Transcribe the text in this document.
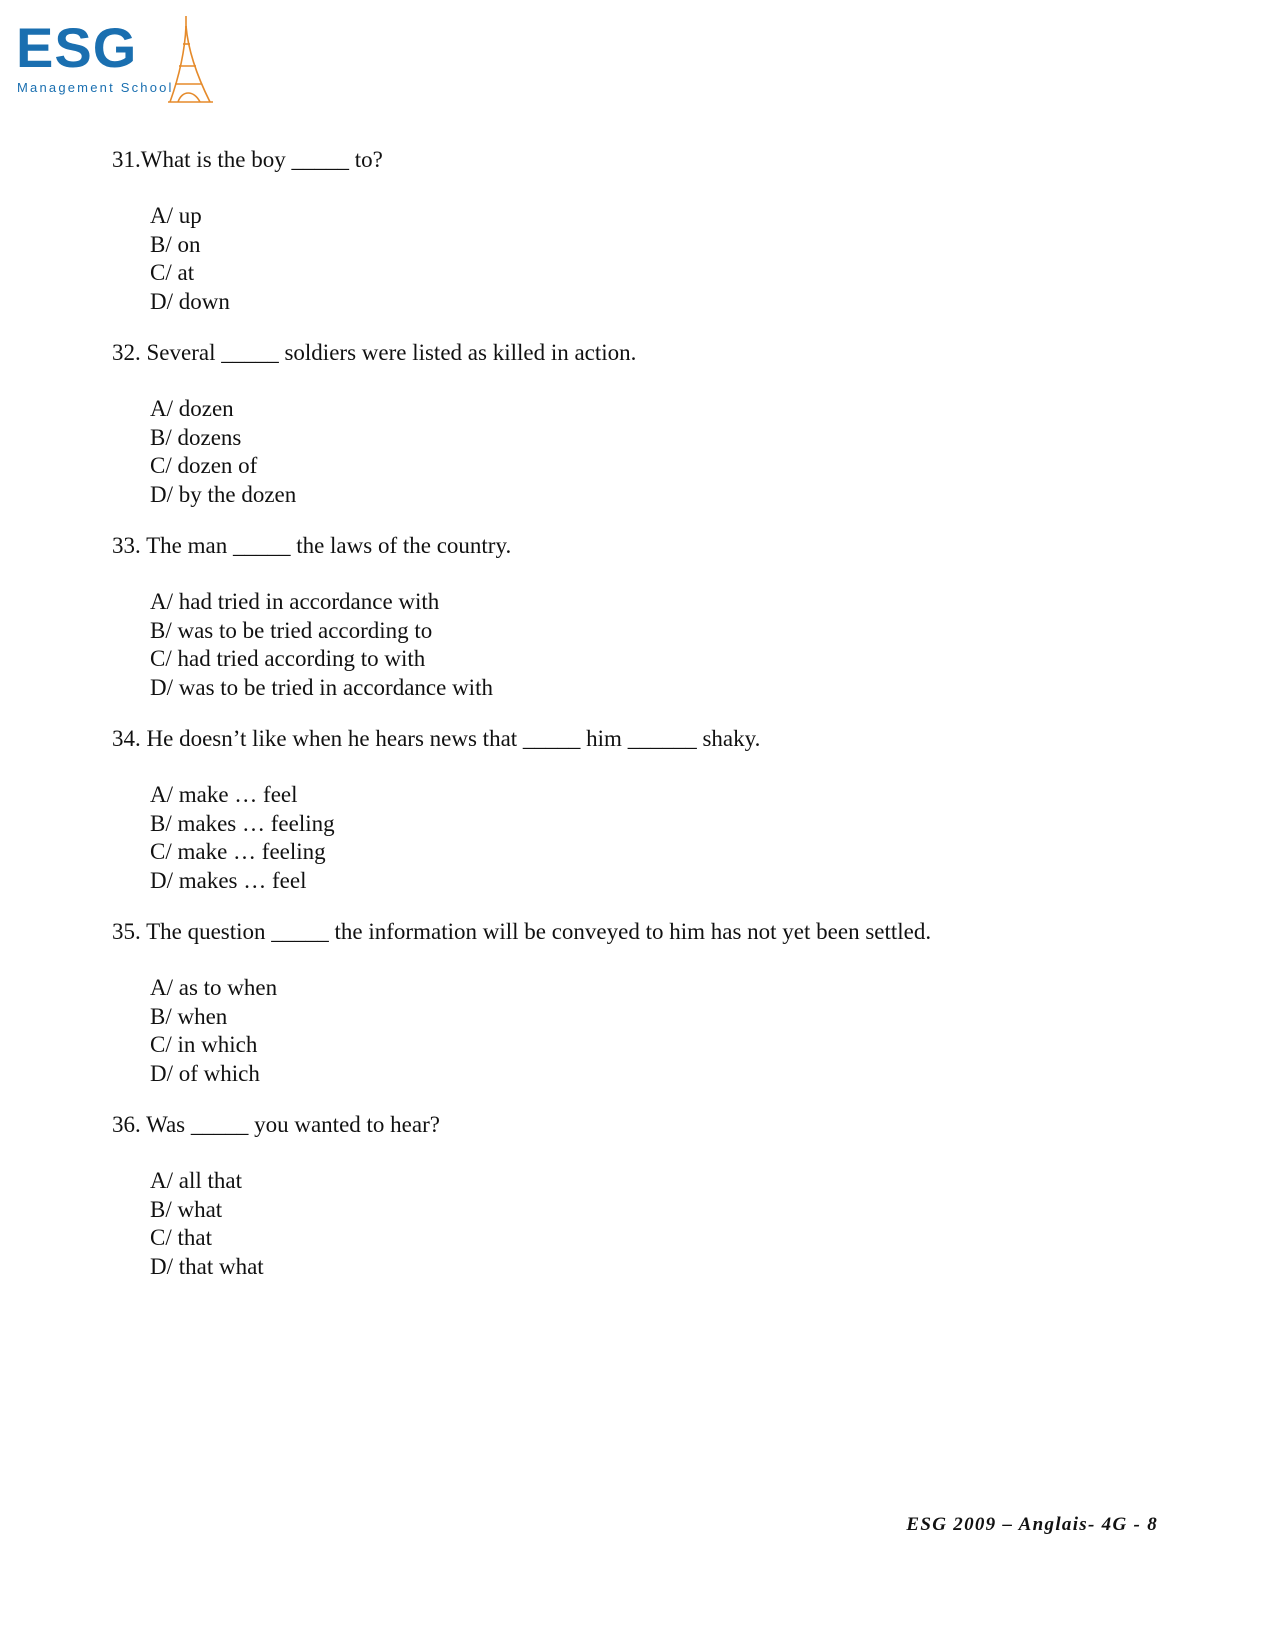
ESG
Management School
31.What is the boy _____ to?
A/ up
B/ on
C/ at
D/ down
32. Several _____ soldiers were listed as killed in action.
A/ dozen
B/ dozens
C/ dozen of
D/ by the dozen
33. The man _____ the laws of the country.
A/ had tried in accordance with
B/ was to be tried according to
C/ had tried according to with
D/ was to be tried in accordance with
34. He doesn’t like when he hears news that _____ him ______ shaky.
A/ make … feel
B/ makes … feeling
C/ make … feeling
D/ makes … feel
35. The question _____ the information will be conveyed to him has not yet been settled.
A/ as to when
B/ when
C/ in which
D/ of which
36. Was _____ you wanted to hear?
A/ all that
B/ what
C/ that
D/ that what
ESG 2009 – Anglais- 4G - 8
